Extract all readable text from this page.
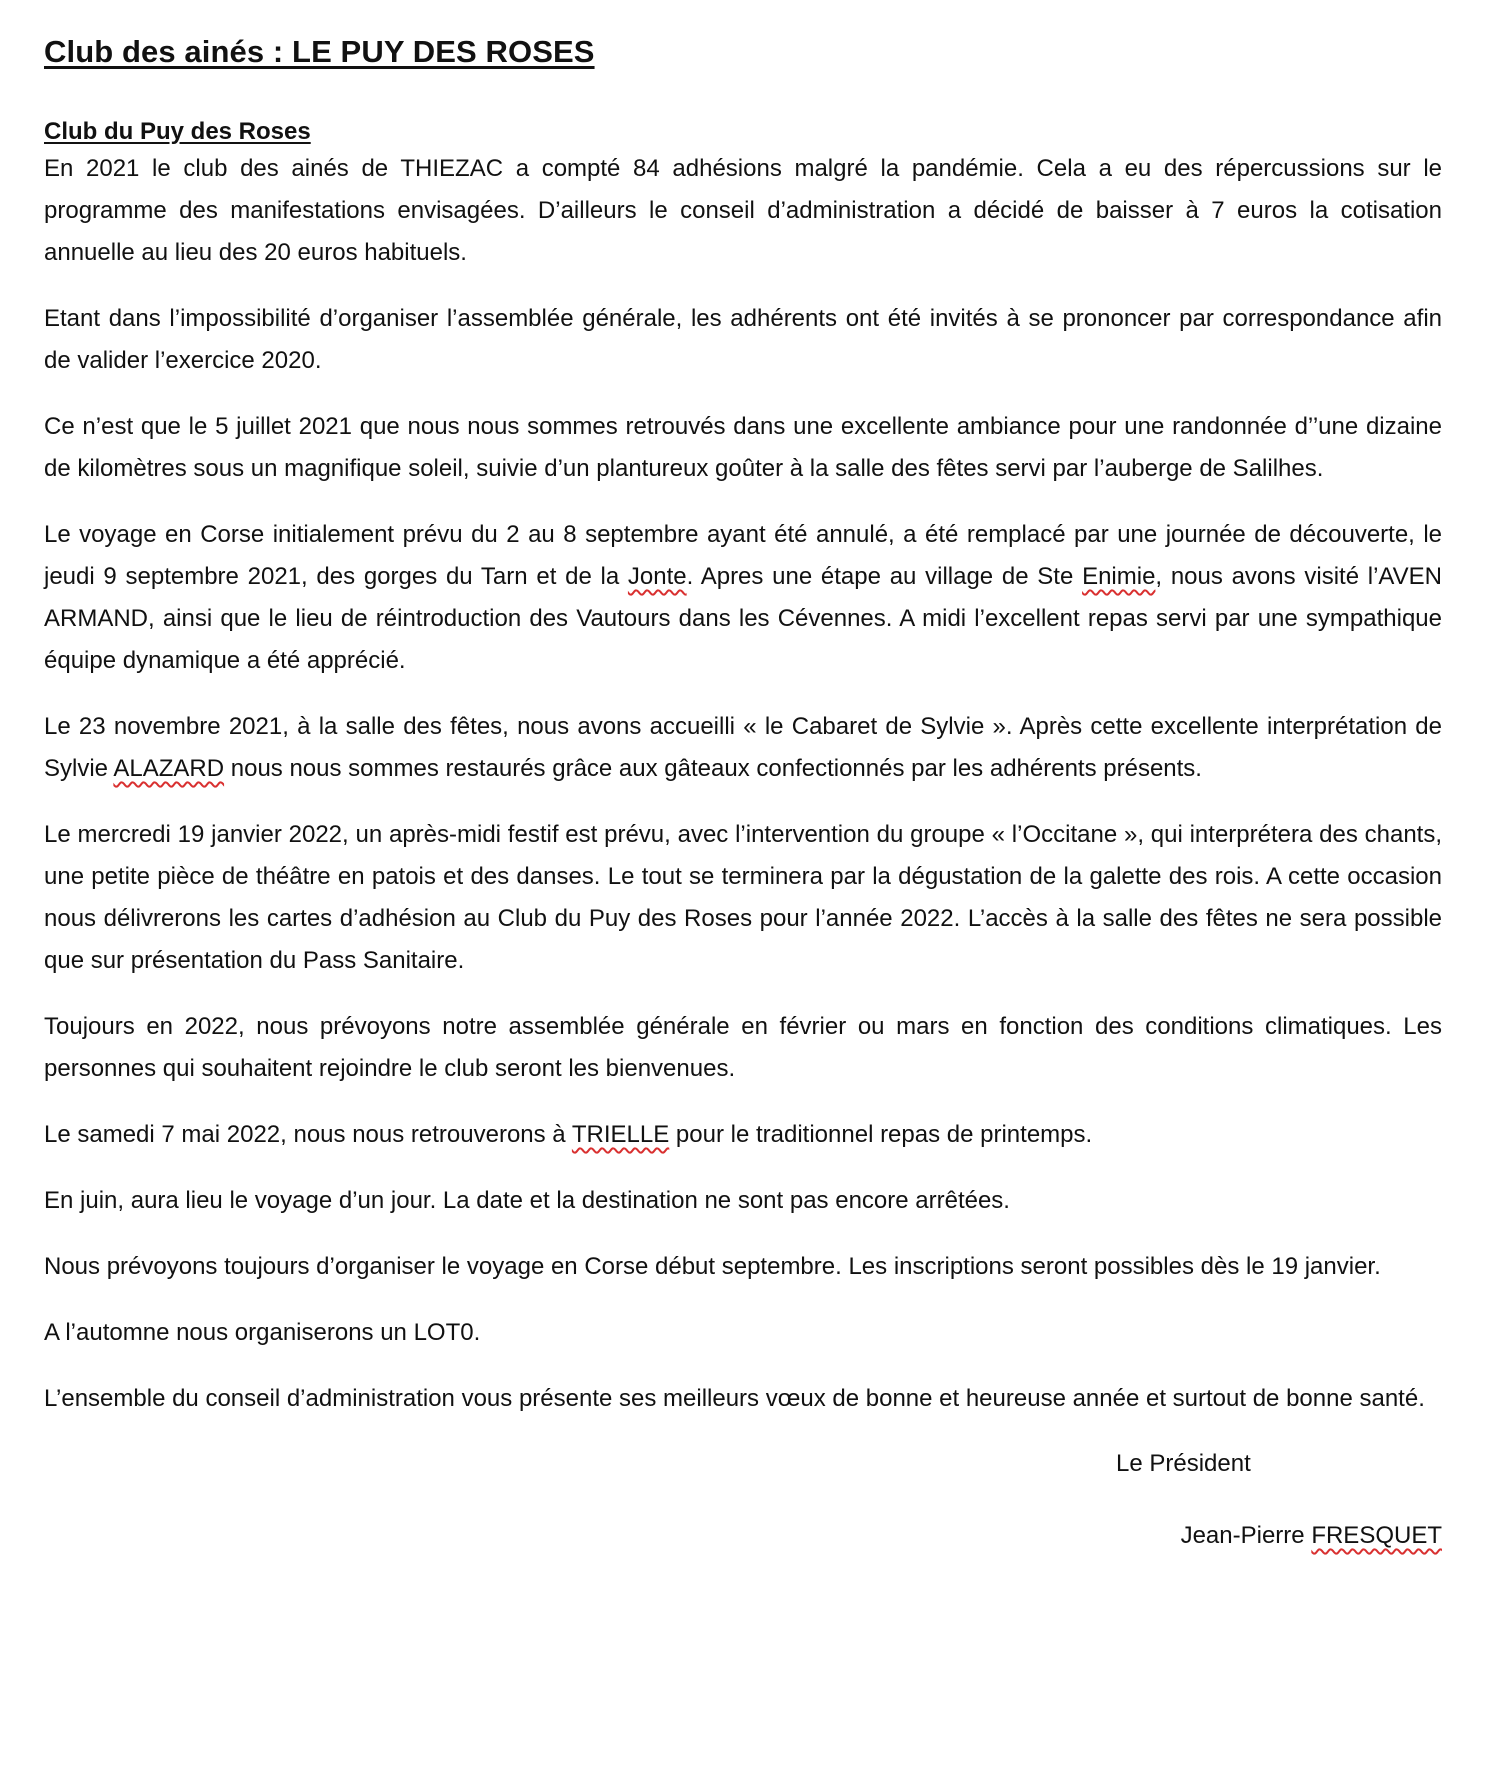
Club des ainés : LE PUY DES ROSES
Club du Puy des Roses

En 2021 le club des ainés de THIEZAC a compté 84 adhésions malgré la pandémie. Cela a eu des répercussions sur le programme des manifestations envisagées. D’ailleurs le conseil d’administration a décidé de baisser à 7 euros la cotisation annuelle au lieu des 20 euros habituels.

Etant dans l’impossibilité d’organiser l’assemblée générale, les adhérents ont été invités à se prononcer par correspondance afin de valider l’exercice 2020.

Ce n’est que le 5 juillet 2021 que nous nous sommes retrouvés dans une excellente ambiance pour une randonnée d’’une dizaine de kilomètres sous un magnifique soleil, suivie d’un plantureux goûter à la salle des fêtes servi par l’auberge de Salilhes.

Le voyage en Corse initialement prévu du 2 au 8 septembre ayant été annulé, a été remplacé par une journée de découverte, le jeudi 9 septembre 2021, des gorges du Tarn et de la Jonte. Apres une étape au village de Ste Enimie, nous avons visité l’AVEN ARMAND, ainsi que le lieu de réintroduction des Vautours dans les Cévennes. A midi l’excellent repas servi par une sympathique équipe dynamique a été apprécié.

Le 23 novembre 2021, à la salle des fêtes, nous avons accueilli « le Cabaret de Sylvie ». Après cette excellente interprétation de Sylvie ALAZARD nous nous sommes restaurés grâce aux gâteaux confectionnés par les adhérents présents.

Le mercredi 19 janvier 2022, un après-midi festif est prévu, avec l’intervention du groupe « l’Occitane », qui interprétera des chants, une petite pièce de théâtre en patois et des danses. Le tout se terminera par la dégustation de la galette des rois. A cette occasion nous délivrerons les cartes d’adhésion au Club du Puy des Roses pour l’année 2022. L’accès à la salle des fêtes ne sera possible que sur présentation du Pass Sanitaire.

Toujours en 2022, nous prévoyons notre assemblée générale en février ou mars en fonction des conditions climatiques. Les personnes qui souhaitent rejoindre le club seront les bienvenues.

Le samedi 7 mai 2022, nous nous retrouverons à TRIELLE pour le traditionnel repas de printemps.

En juin, aura lieu le voyage d’un jour. La date et la destination ne sont pas encore arrêtées.

Nous prévoyons toujours d’organiser le voyage en Corse début septembre. Les inscriptions seront possibles dès le 19 janvier.

A l’automne nous organiserons un LOT0.

L’ensemble du conseil d’administration vous présente ses meilleurs vœux de bonne et heureuse année et surtout de bonne santé.

Le Président
Jean-Pierre FRESQUET
